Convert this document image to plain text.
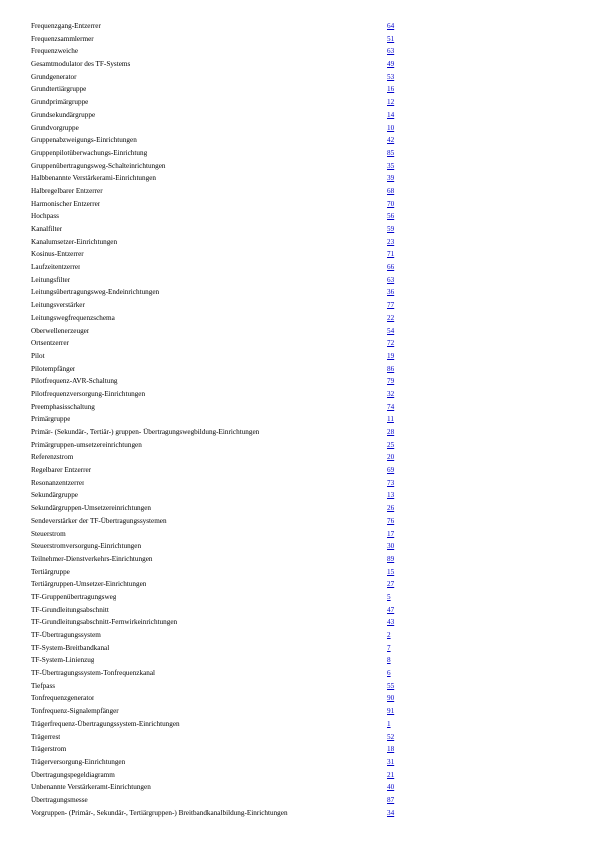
Frequenzgang-Entzerrer	64
Frequenzsammlermer	51
Frequenzweiche	63
Gesamtmodulator des TF-Systems	49
Grundgenerator	53
Grundtertiärgruppe	16
Grundprimärgruppe	12
Grundsekundärgruppe	14
Grundvorgruppe	10
Gruppenabzweigungs-Einrichtungen	42
Gruppenpilotüberwachungs-Einrichtung	85
Gruppenübertragungsweg-Schalteinrichtungen	35
Halbbenannte Verstärkerami-Einrichtungen	39
Halbregelbarer Entzerrer	68
Harmonischer Entzerrer	70
Hochpass	56
Kanalfilter	59
Kanalumsetzer-Einrichtungen	23
Kosinus-Entzerrer	71
Laufzeitentzerrer	66
Leitungsfilter	63
Leitungsübertragungsweg-Endeinrichtungen	36
Leitungsverstärker	77
Leitungswegfrequenzschema	22
Oberwellenerzeuger	54
Ortsentzerrer	72
Pilot	19
Pilotempfänger	86
Pilotfrequenz-AVR-Schaltung	79
Pilotfrequenzversorgung-Einrichtungen	32
Preemphasisschaltung	74
Primärgruppe	11
Primär- (Sekundär-, Tertiär-) gruppen- Übertragungswegbildung-Einrichtungen	28
Primärgruppen-umsetzereinrichtungen	25
Referenzstrom	20
Regelbarer Entzerrer	69
Resonanzentzerrer	73
Sekundärgruppe	13
Sekundärgruppen-Umsetzereinrichtungen	26
Sendeverstärker der TF-Übertragungssystemen	76
Steuerstrom	17
Steuerstromversorgung-Einrichtungen	30
Teilnehmer-Dienstverkehrs-Einrichtungen	89
Tertiärgruppe	15
Tertiärgruppen-Umsetzer-Einrichtungen	27
TF-Gruppenübertragungsweg	5
TF-Grundleitungsabschnitt	47
TF-Grundleitungsabschnitt-Fernwirkeinrichtungen	43
TF-Übertragungssystem	2
TF-System-Breitbandkanal	7
TF-System-Linienzug	8
TF-Übertragungssystem-Tonfrequenzkanal	6
Tiefpass	55
Tonfrequenzgenerator	90
Tonfrequenz-Signalempfänger	91
Trägerfrequenz-Übertragungssystem-Einrichtungen	1
Trägerrest	52
Trägerstrom	18
Trägerversorgung-Einrichtungen	31
Übertragungspegeldiagramm	21
Unbenannte Verstärkeramt-Einrichtungen	40
Übertragungsmesse	87
Vorgruppen- (Primär-, Sekundär-, Tertiärgruppen-) Breitbandkanalbildung-Einrichtungen	34
